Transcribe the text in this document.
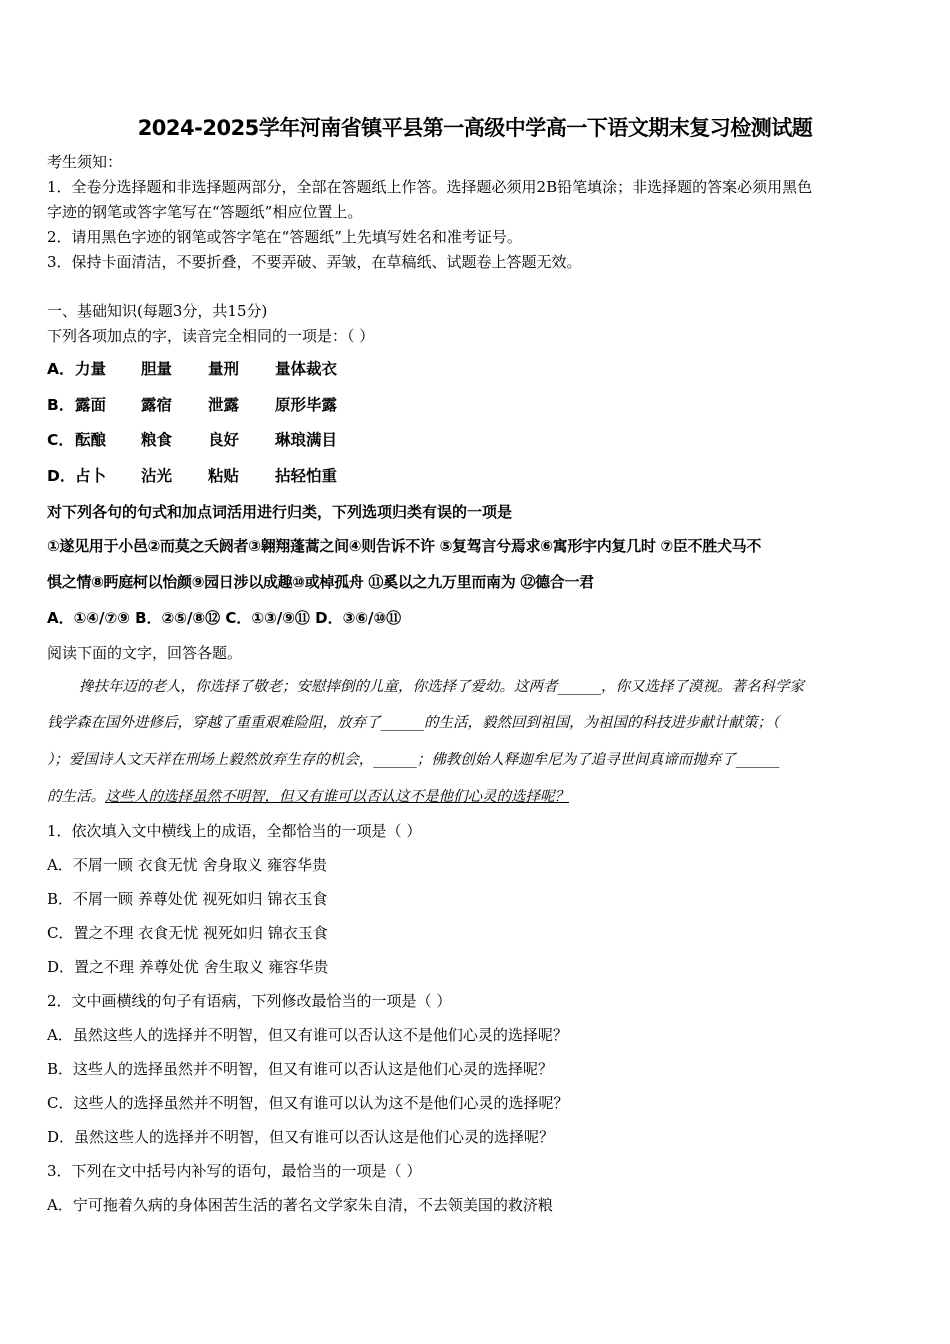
2024-2025学年河南省镇平县第一高级中学高一下语文期末复习检测试题
考生须知：
1．全卷分选择题和非选择题两部分，全部在答题纸上作答。选择题必须用2B铅笔填涂；非选择题的答案必须用黑色
字迹的钢笔或答字笔写在“答题纸”相应位置上。
2．请用黑色字迹的钢笔或答字笔在“答题纸”上先填写姓名和准考证号。
3．保持卡面清洁，不要折叠，不要弄破、弄皱，在草稿纸、试题卷上答题无效。
一、基础知识(每题3分，共15分)
下列各项加点的字，读音完全相同的一项是：（ ）
A．力量 胆量 量刑 量体裁衣
B．露面 露宿 泄露 原形毕露
C．酝酿 粮食 良好 琳琅满目
D．占卜 沾光 粘贴 拈轻怕重
对下列各句的句式和加点词活用进行归类，下列选项归类有误的一项是
①遂见用于小邑②而莫之夭阏者③翱翔蓬蒿之间④则告诉不许 ⑤复驾言兮焉求⑥寓形宇内复几时 ⑦臣不胜犬马不
惧之情⑧眄庭柯以怡颜⑨园日涉以成趣⑩或棹孤舟 ⑪奚以之九万里而南为 ⑫德合一君
A．①④/⑦⑨ B．②⑤/⑧⑫ C．①③/⑨⑪ D．③⑥/⑩⑪
阅读下面的文字，回答各题。
搀扶年迈的老人，你选择了敬老；安慰摔倒的儿童，你选择了爱幼。这两者______，你又选择了漠视。著名科学家
钱学森在国外进修后，穿越了重重艰难险阻，放弃了______的生活，毅然回到祖国，为祖国的科技进步献计献策；（
）；爱国诗人文天祥在刑场上毅然放弃生存的机会，______；佛教创始人释迦牟尼为了追寻世间真谛而抛弃了______
的生活。这些人的选择虽然不明智，但又有谁可以否认这不是他们心灵的选择呢？
1．依次填入文中横线上的成语，全都恰当的一项是（ ）
A．不屑一顾 衣食无忧 舍身取义 雍容华贵
B．不屑一顾 养尊处优 视死如归 锦衣玉食
C．置之不理 衣食无忧 视死如归 锦衣玉食
D．置之不理 养尊处优 舍生取义 雍容华贵
2．文中画横线的句子有语病，下列修改最恰当的一项是（ ）
A．虽然这些人的选择并不明智，但又有谁可以否认这不是他们心灵的选择呢？
B．这些人的选择虽然并不明智，但又有谁可以否认这是他们心灵的选择呢？
C．这些人的选择虽然并不明智，但又有谁可以认为这不是他们心灵的选择呢？
D．虽然这些人的选择并不明智，但又有谁可以否认这是他们心灵的选择呢？
3．下列在文中括号内补写的语句，最恰当的一项是（ ）
A．宁可拖着久病的身体困苦生活的著名文学家朱自清，不去领美国的救济粮
